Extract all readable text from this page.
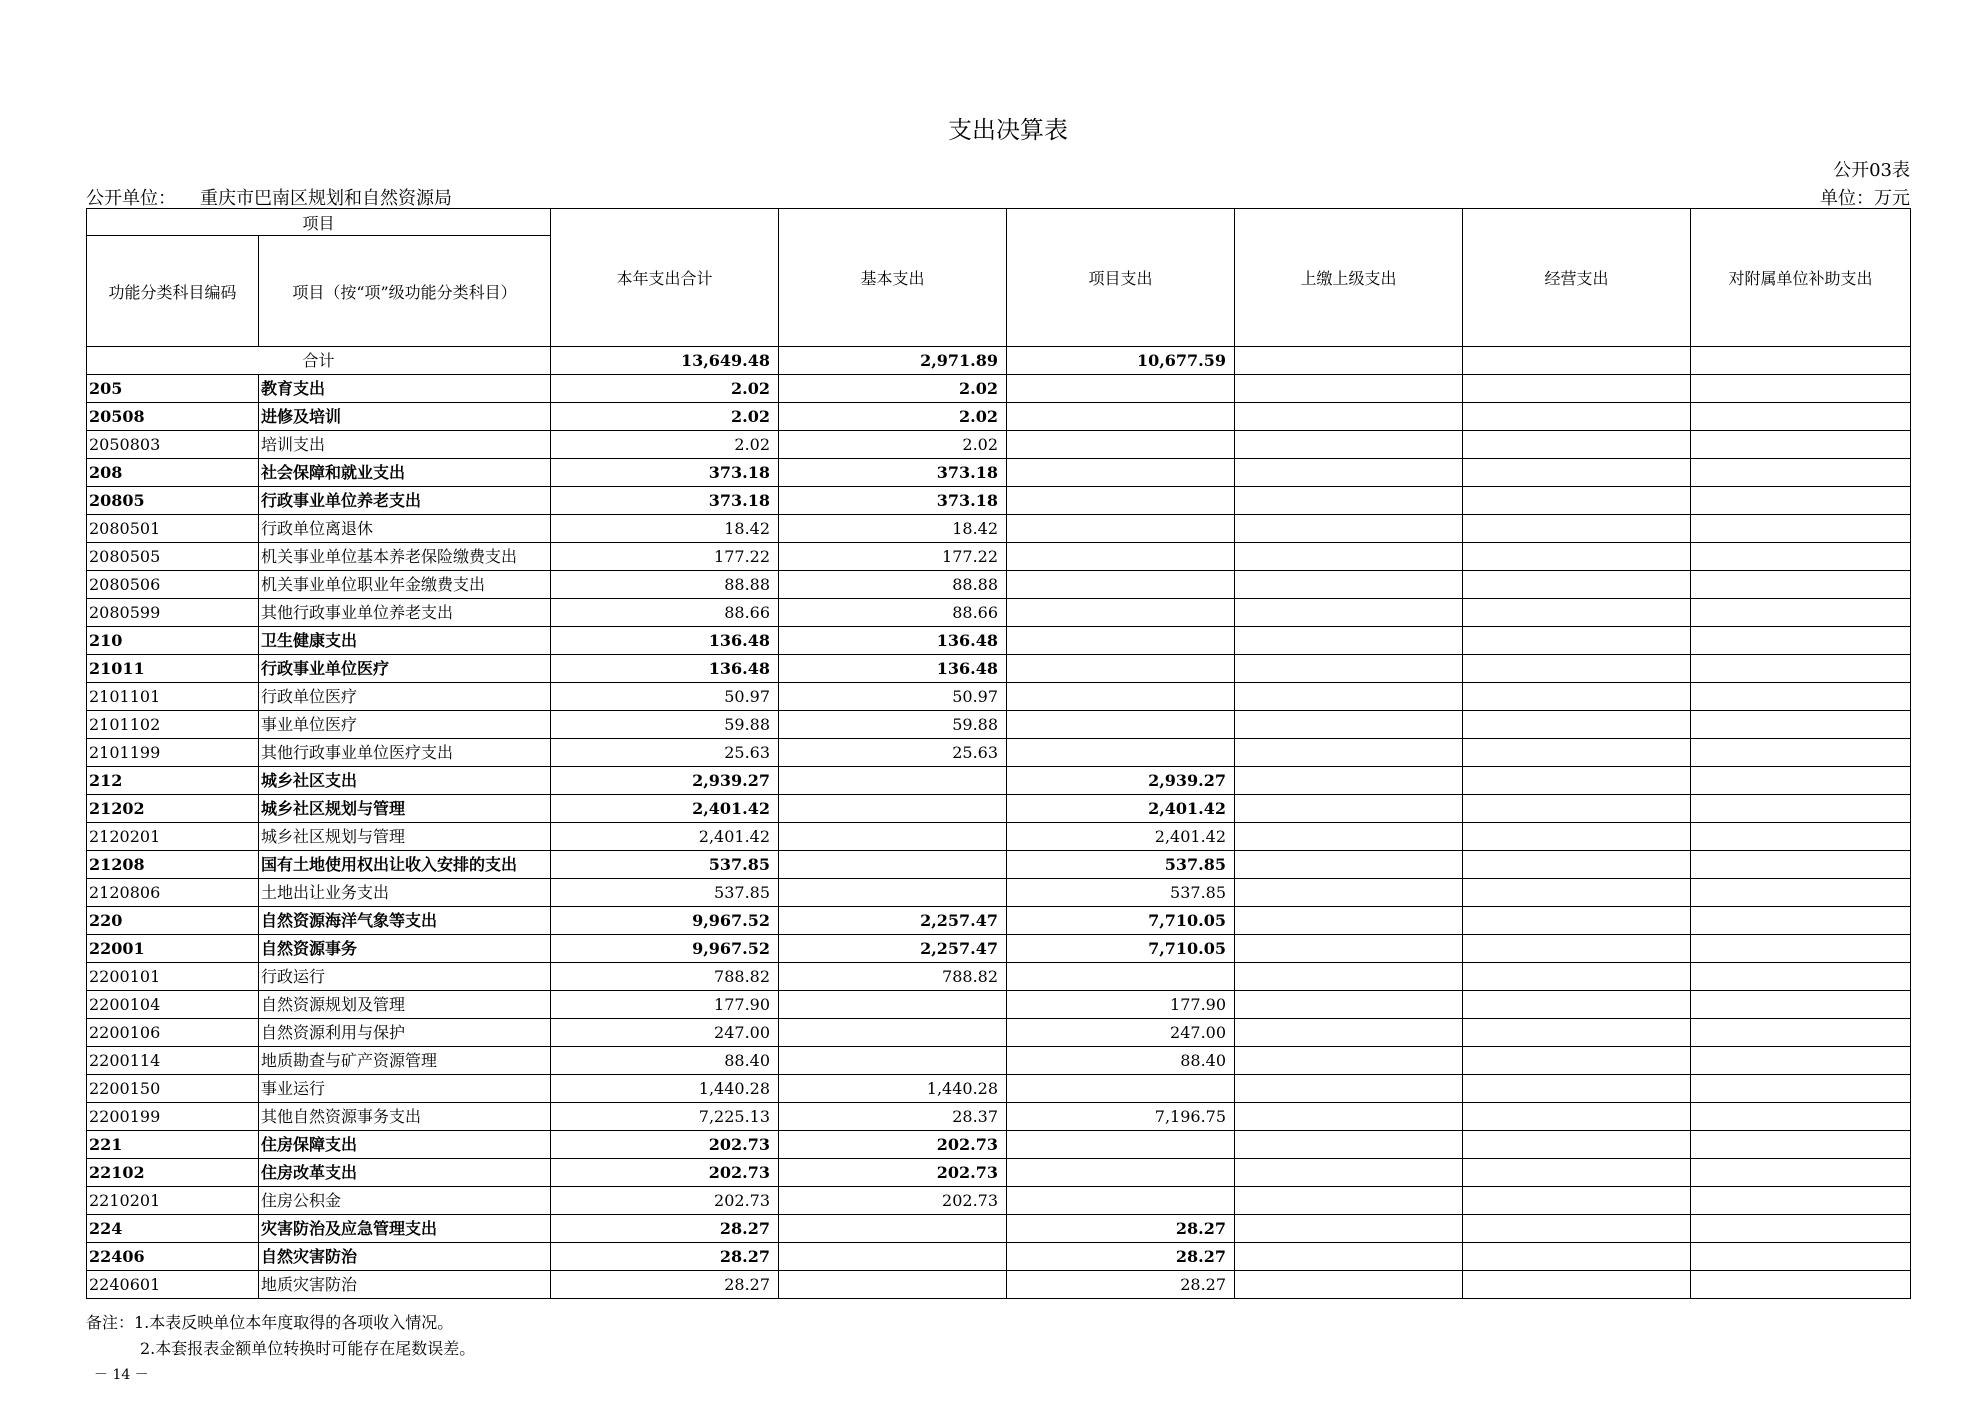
支出决算表
公开03表
公开单位： 重庆市巴南区规划和自然资源局	单位：万元
项目		本年支出合计	基本支出	项目支出	上缴上级支出	经营支出	对附属单位补助支出
功能分类科目编码	项目（按“项”级功能分类科目）						
合计		13,649.48	2,971.89	10,677.59			
205	教育支出	2.02	2.02				
20508	进修及培训	2.02	2.02				
2050803	培训支出	2.02	2.02				
208	社会保障和就业支出	373.18	373.18				
20805	行政事业单位养老支出	373.18	373.18				
2080501	行政单位离退休	18.42	18.42				
2080505	机关事业单位基本养老保险缴费支出	177.22	177.22				
2080506	机关事业单位职业年金缴费支出	88.88	88.88				
2080599	其他行政事业单位养老支出	88.66	88.66				
210	卫生健康支出	136.48	136.48				
21011	行政事业单位医疗	136.48	136.48				
2101101	行政单位医疗	50.97	50.97				
2101102	事业单位医疗	59.88	59.88				
2101199	其他行政事业单位医疗支出	25.63	25.63				
212	城乡社区支出	2,939.27		2,939.27			
21202	城乡社区规划与管理	2,401.42		2,401.42			
2120201	城乡社区规划与管理	2,401.42		2,401.42			
21208	国有土地使用权出让收入安排的支出	537.85		537.85			
2120806	土地出让业务支出	537.85		537.85			
220	自然资源海洋气象等支出	9,967.52	2,257.47	7,710.05			
22001	自然资源事务	9,967.52	2,257.47	7,710.05			
2200101	行政运行	788.82	788.82				
2200104	自然资源规划及管理	177.90		177.90			
2200106	自然资源利用与保护	247.00		247.00			
2200114	地质勘查与矿产资源管理	88.40		88.40			
2200150	事业运行	1,440.28	1,440.28				
2200199	其他自然资源事务支出	7,225.13	28.37	7,196.75			
221	住房保障支出	202.73	202.73				
22102	住房改革支出	202.73	202.73				
2210201	住房公积金	202.73	202.73				
224	灾害防治及应急管理支出	28.27		28.27			
22406	自然灾害防治	28.27		28.27			
2240601	地质灾害防治	28.27		28.27			
备注：1.本表反映单位本年度取得的各项收入情况。
2.本套报表金额单位转换时可能存在尾数误差。
－ 14 －
